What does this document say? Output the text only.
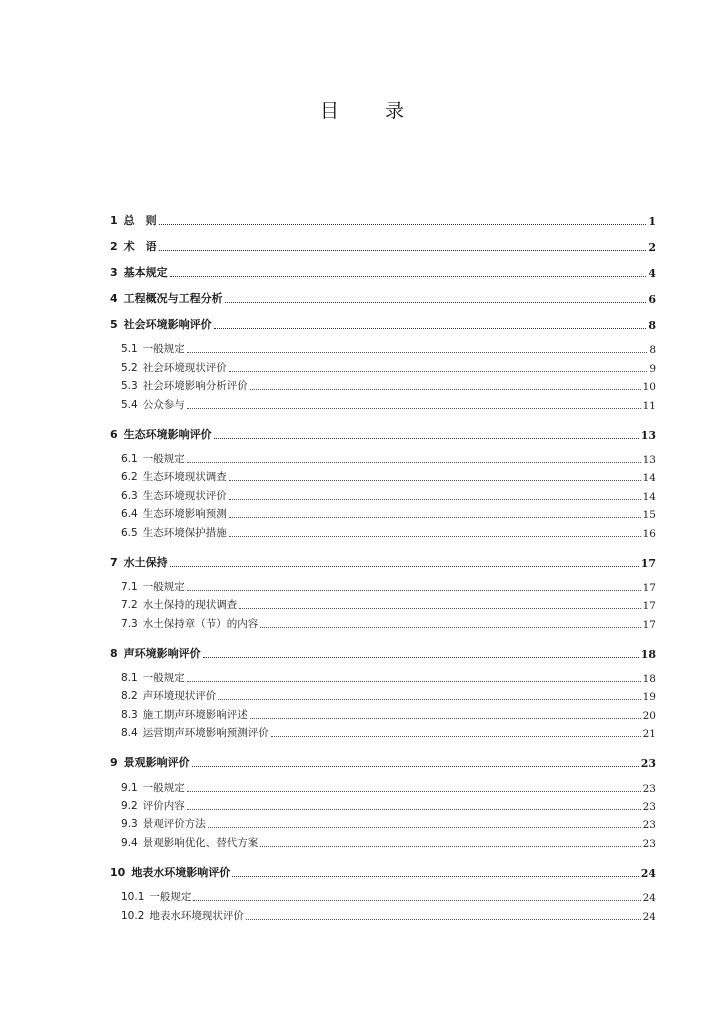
目 录
1 总　则	1
2 术　语	2
3 基本规定	4
4 工程概况与工程分析	6
5 社会环境影响评价	8
5.1 一般规定	8
5.2 社会环境现状评价	9
5.3 社会环境影响分析评价	10
5.4 公众参与	11
6 生态环境影响评价	13
6.1 一般规定	13
6.2 生态环境现状调查	14
6.3 生态环境现状评价	14
6.4 生态环境影响预测	15
6.5 生态环境保护措施	16
7 水土保持	17
7.1 一般规定	17
7.2 水土保持的现状调查	17
7.3 水土保持章（节）的内容	17
8 声环境影响评价	18
8.1 一般规定	18
8.2 声环境现状评价	19
8.3 施工期声环境影响评述	20
8.4 运营期声环境影响预测评价	21
9 景观影响评价	23
9.1 一般规定	23
9.2 评价内容	23
9.3 景观评价方法	23
9.4 景观影响优化、替代方案	23
10 地表水环境影响评价	24
10.1 一般规定	24
10.2 地表水环境现状评价	24
